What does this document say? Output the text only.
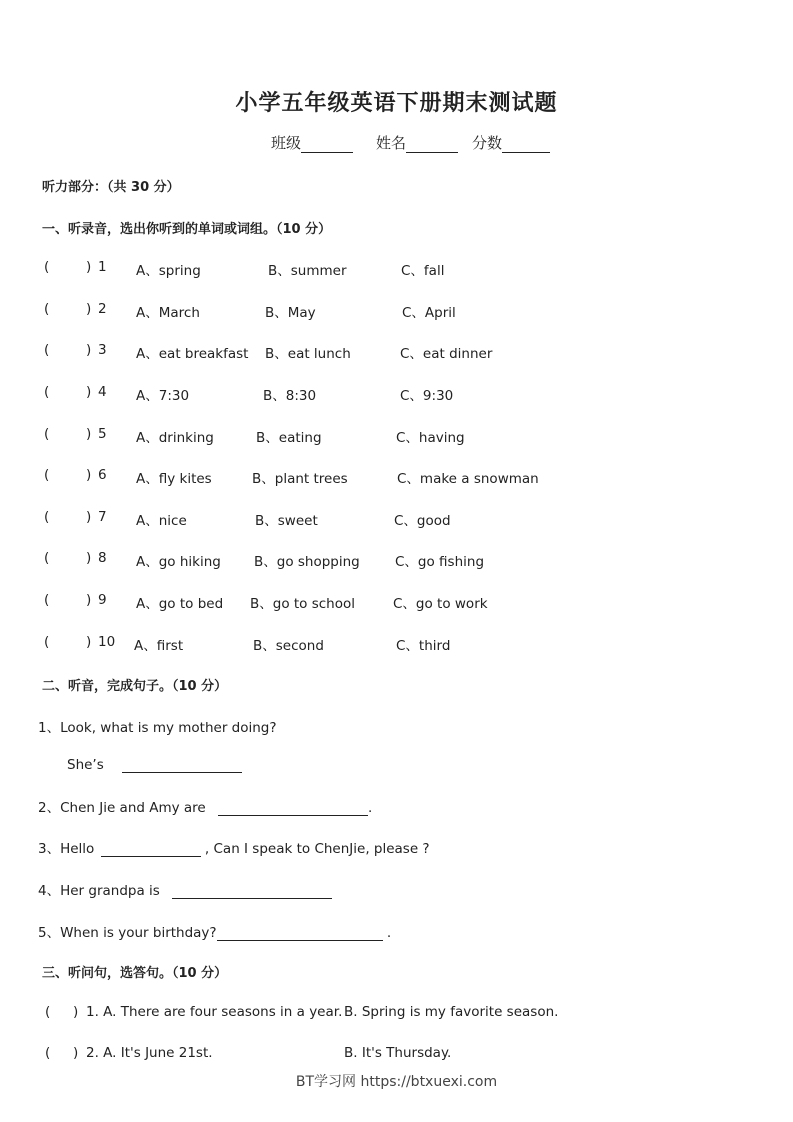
小学五年级英语下册期末测试题
班级	姓名	分数
听力部分：（共 30 分）
一、听录音，选出你听到的单词或词组。（10 分）
(	) 1 A、spring	B、summer	C、fall
(	) 2 A、March	B、May	C、April
(	) 3 A、eat breakfast B、eat lunch	C、eat dinner
(	) 4 A、7:30	B、8:30	C、9:30
(	) 5 A、drinking	B、eating	C、having
(	) 6 A、fly kites	B、plant trees	C、make a snowman
(	) 7 A、nice	B、sweet	C、good
(	) 8 A、go hiking B、go shopping	C、go fishing
(	) 9 A、go to bed B、go to school	C、go to work
(	) 10 A、first	B、second	C、third
二、听音，完成句子。（10 分）
1、Look, what is my mother doing?
She’s
2、Chen Jie and Amy are	.
3、Hello	, Can I speak to ChenJie, please ?
4、Her grandpa is
5、When is your birthday?	.
三、听问句，选答句。（10 分）
( ) 1. A. There are four seasons in a year. B. Spring is my favorite season.
( ) 2. A. It's June 21st.	B. It's Thursday.
BT学习网 https://btxuexi.com
